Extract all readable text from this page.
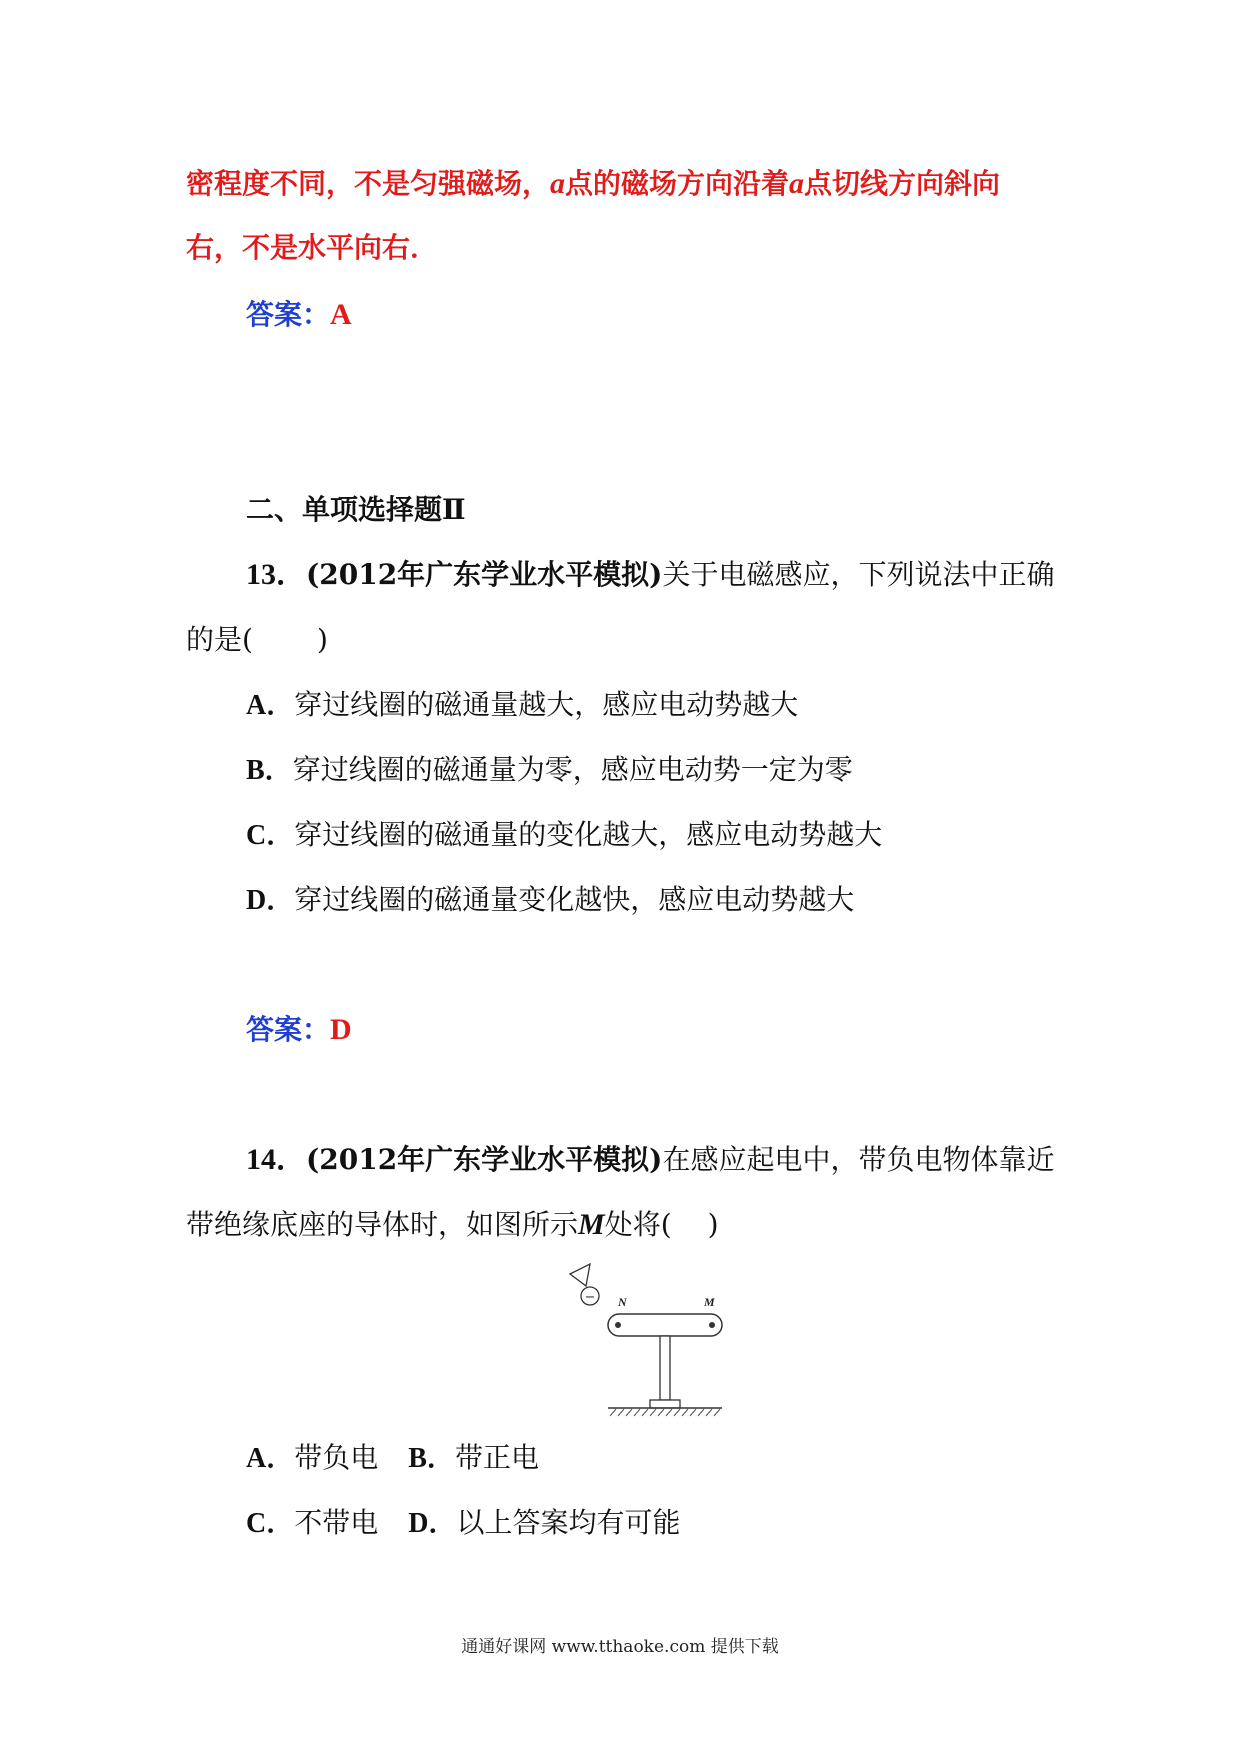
密程度不同，不是匀强磁场，a点的磁场方向沿着a点切线方向斜向
右，不是水平向右．
答案：A
二、单项选择题Ⅱ
13．(2012年广东学业水平模拟)关于电磁感应，下列说法中正确
的是( )
A．穿过线圈的磁通量越大，感应电动势越大
B．穿过线圈的磁通量为零，感应电动势一定为零
C．穿过线圈的磁通量的变化越大，感应电动势越大
D．穿过线圈的磁通量变化越快，感应电动势越大
答案：D
14．(2012年广东学业水平模拟)在感应起电中，带负电物体靠近
带绝缘底座的导体时，如图所示M处将( )
− N	M
A．带负电 B．带正电
C．不带电 D．以上答案均有可能
通通好课网 www.tthaoke.com 提供下载
